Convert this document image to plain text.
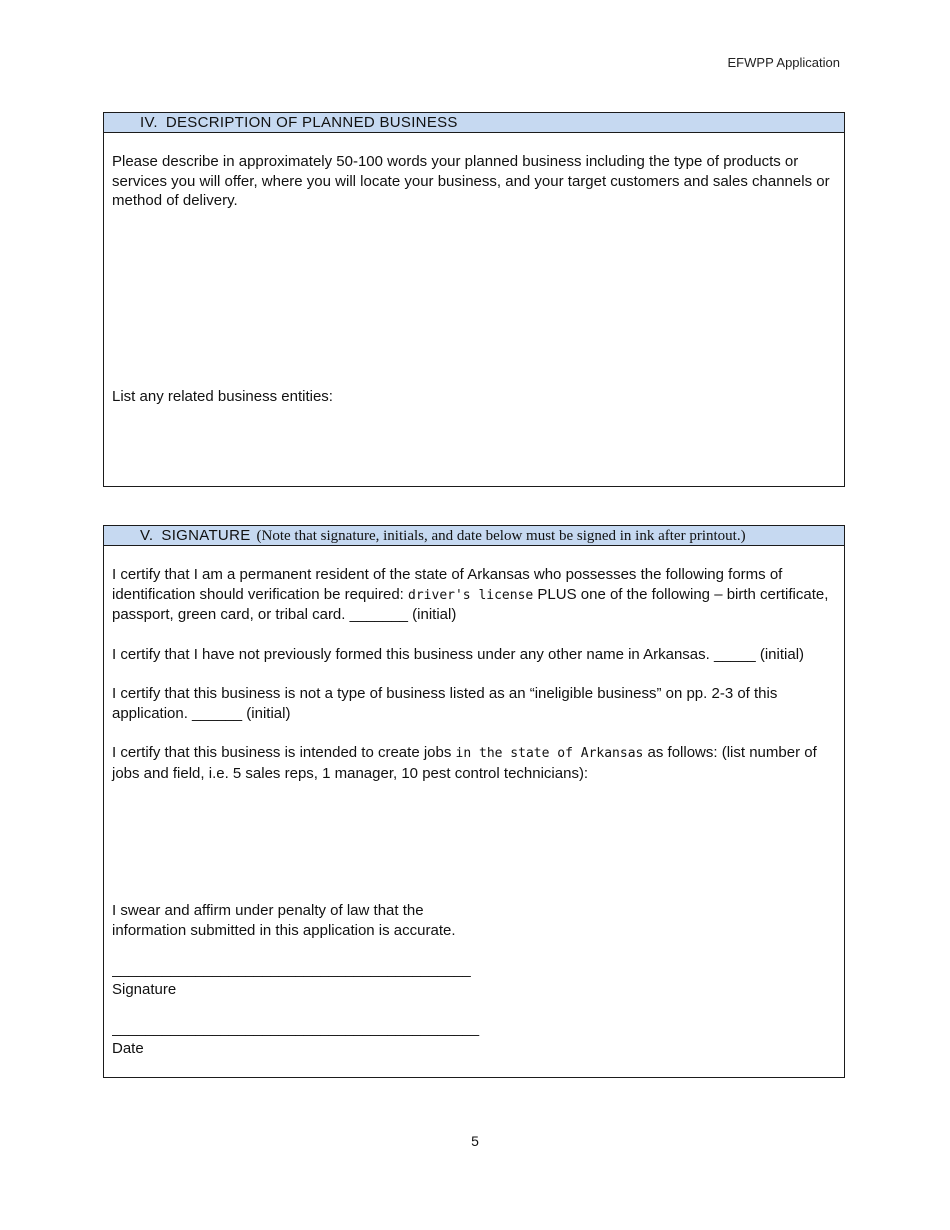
EFWPP Application
IV. DESCRIPTION OF PLANNED BUSINESS

Please describe in approximately 50-100 words your planned business including the type of products or services you will offer, where you will locate your business, and your target customers and sales channels or method of delivery.

List any related business entities:

V. SIGNATURE (Note that signature, initials, and date below must be signed in ink after printout.)

I certify that I am a permanent resident of the state of Arkansas who possesses the following forms of identification should verification be required: driver's license PLUS one of the following – birth certificate, passport, green card, or tribal card. _______ (initial)

I certify that I have not previously formed this business under any other name in Arkansas. _____ (initial)

I certify that this business is not a type of business listed as an “ineligible business” on pp. 2-3 of this application. ______ (initial)

I certify that this business is intended to create jobs in the state of Arkansas as follows: (list number of jobs and field, i.e. 5 sales reps, 1 manager, 10 pest control technicians):

I swear and affirm under penalty of law that the

information submitted in this application is accurate.

___________________________________________

Signature

____________________________________________

Date

5
